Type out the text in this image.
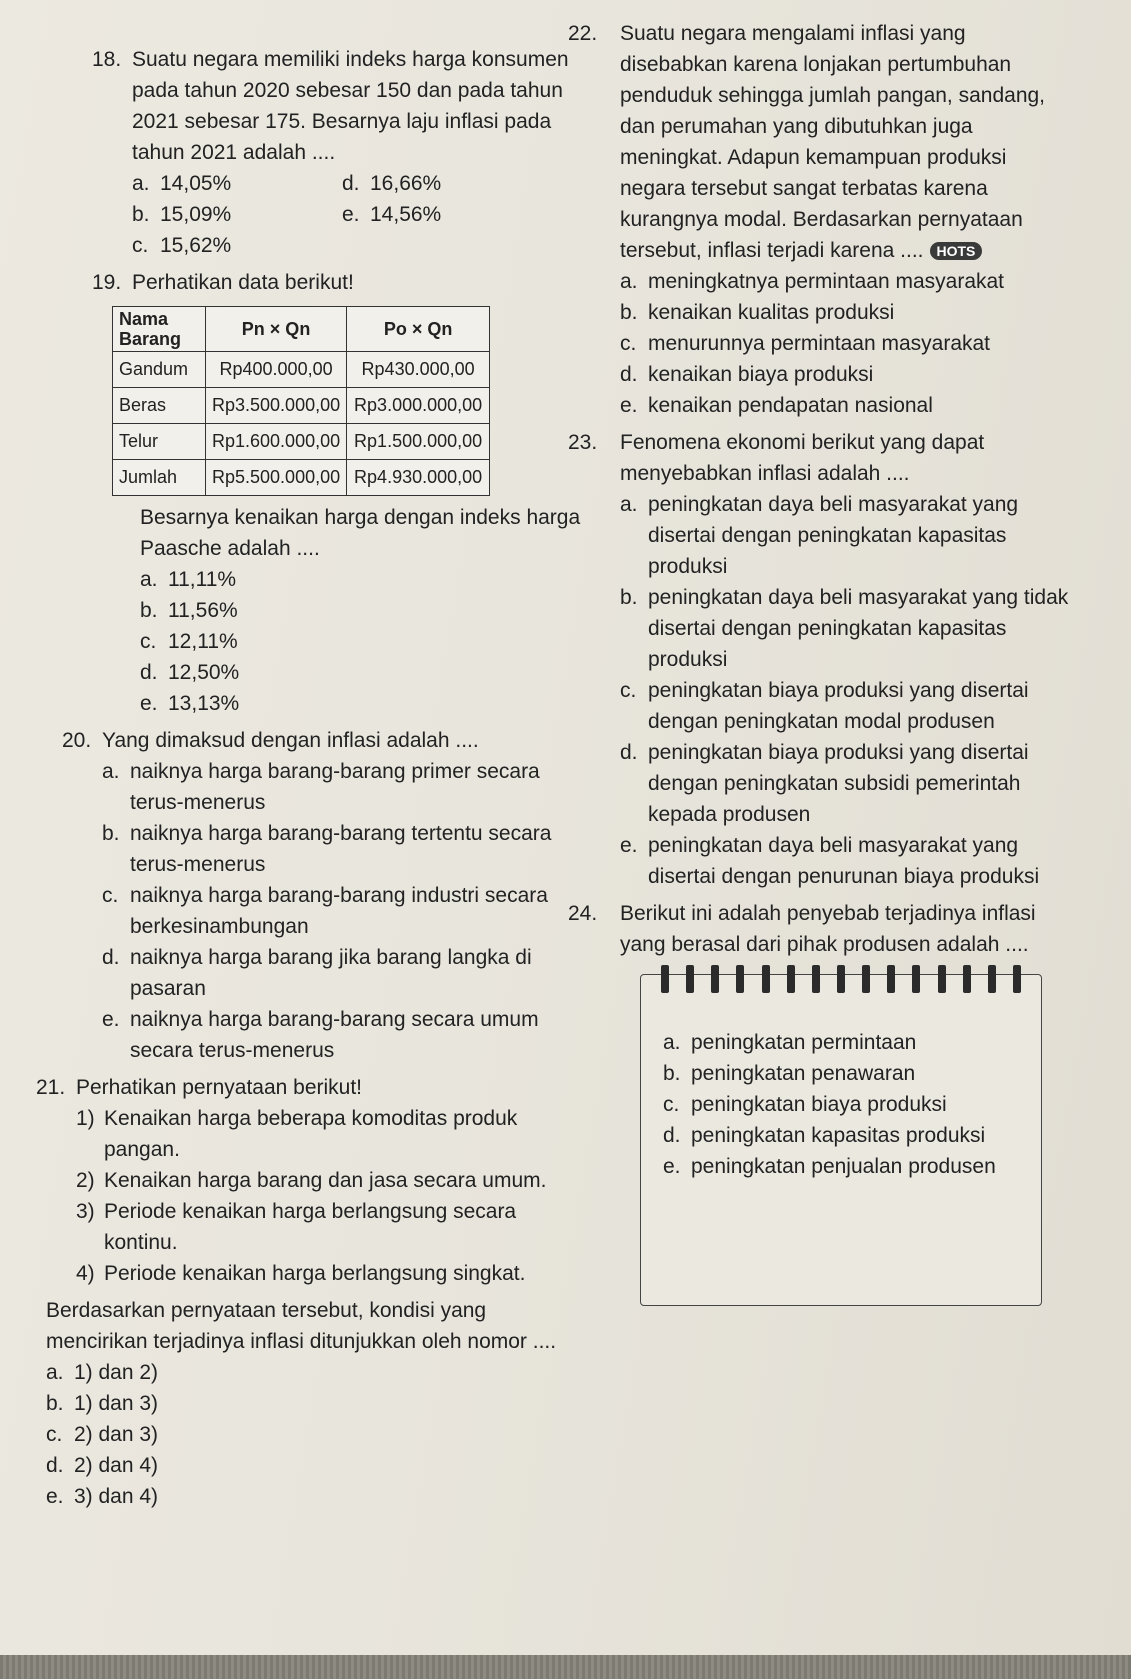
18. Suatu negara memiliki indeks harga konsumen pada tahun 2020 sebesar 150 dan pada tahun 2021 sebesar 175. Besarnya laju inflasi pada tahun 2021 adalah ....
a. 14,05%	d. 16,66%
b. 15,09%	e. 14,56%
c. 15,62%
19. Perhatikan data berikut!
Nama Barang	Pn × Qn	Po × Qn
Gandum	Rp400.000,00	Rp430.000,00
Beras	Rp3.500.000,00	Rp3.000.000,00
Telur	Rp1.600.000,00	Rp1.500.000,00
Jumlah	Rp5.500.000,00	Rp4.930.000,00
Besarnya kenaikan harga dengan indeks harga Paasche adalah ....
a. 11,11%
b. 11,56%
c. 12,11%
d. 12,50%
e. 13,13%
20. Yang dimaksud dengan inflasi adalah ....
a. naiknya harga barang-barang primer secara terus-menerus
b. naiknya harga barang-barang tertentu secara terus-menerus
c. naiknya harga barang-barang industri secara berkesinambungan
d. naiknya harga barang jika barang langka di pasaran
e. naiknya harga barang-barang secara umum secara terus-menerus
21. Perhatikan pernyataan berikut!
1) Kenaikan harga beberapa komoditas produk pangan.
2) Kenaikan harga barang dan jasa secara umum.
3) Periode kenaikan harga berlangsung secara kontinu.
4) Periode kenaikan harga berlangsung singkat.
Berdasarkan pernyataan tersebut, kondisi yang mencirikan terjadinya inflasi ditunjukkan oleh nomor ....
a. 1) dan 2)
b. 1) dan 3)
c. 2) dan 3)
d. 2) dan 4)
e. 3) dan 4)
22. Suatu negara mengalami inflasi yang disebabkan karena lonjakan pertumbuhan penduduk sehingga jumlah pangan, sandang, dan perumahan yang dibutuhkan juga meningkat. Adapun kemampuan produksi negara tersebut sangat terbatas karena kurangnya modal. Berdasarkan pernyataan tersebut, inflasi terjadi karena .... HOTS
a. meningkatnya permintaan masyarakat
b. kenaikan kualitas produksi
c. menurunnya permintaan masyarakat
d. kenaikan biaya produksi
e. kenaikan pendapatan nasional
23. Fenomena ekonomi berikut yang dapat menyebabkan inflasi adalah ....
a. peningkatan daya beli masyarakat yang disertai dengan peningkatan kapasitas produksi
b. peningkatan daya beli masyarakat yang tidak disertai dengan peningkatan kapasitas produksi
c. peningkatan biaya produksi yang disertai dengan peningkatan modal produsen
d. peningkatan biaya produksi yang disertai dengan peningkatan subsidi pemerintah kepada produsen
e. peningkatan daya beli masyarakat yang disertai dengan penurunan biaya produksi
24. Berikut ini adalah penyebab terjadinya inflasi yang berasal dari pihak produsen adalah ....
a. peningkatan permintaan
b. peningkatan penawaran
c. peningkatan biaya produksi
d. peningkatan kapasitas produksi
e. peningkatan penjualan produsen
